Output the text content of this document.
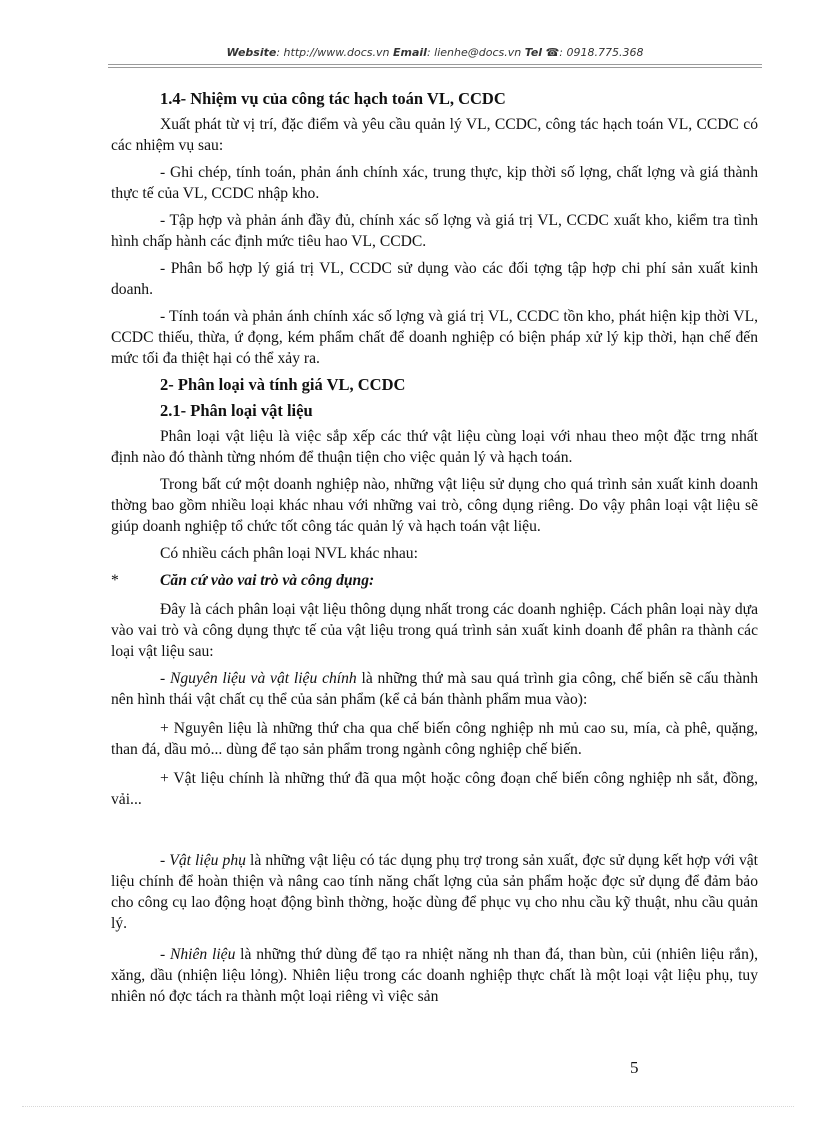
Website: http://www.docs.vn Email: lienhe@docs.vn Tel ☎: 0918.775.368

1.4- Nhiệm vụ của công tác hạch toán VL, CCDC

Xuất phát từ vị trí, đặc điểm và yêu cầu quản lý VL, CCDC, công tác hạch toán VL, CCDC có các nhiệm vụ sau:

- Ghi chép, tính toán, phản ánh chính xác, trung thực, kịp thời số lợng, chất lợng và giá thành thực tế của VL, CCDC nhập kho.

- Tập hợp và phản ánh đầy đủ, chính xác số lợng và giá trị VL, CCDC xuất kho, kiểm tra tình hình chấp hành các định mức tiêu hao VL, CCDC.

- Phân bổ hợp lý giá trị VL, CCDC sử dụng vào các đối tợng tập hợp chi phí sản xuất kinh doanh.

- Tính toán và phản ánh chính xác số lợng và giá trị VL, CCDC tồn kho, phát hiện kịp thời VL, CCDC thiếu, thừa, ứ đọng, kém phẩm chất để doanh nghiệp có biện pháp xử lý kịp thời, hạn chế đến mức tối đa thiệt hại có thể xảy ra.

2- Phân loại và tính giá VL, CCDC

2.1- Phân loại vật liệu

Phân loại vật liệu là việc sắp xếp các thứ vật liệu cùng loại với nhau theo một đặc trng nhất định nào đó thành từng nhóm để thuận tiện cho việc quản lý và hạch toán.

Trong bất cứ một doanh nghiệp nào, những vật liệu sử dụng cho quá trình sản xuất kinh doanh thờng bao gồm nhiều loại khác nhau với những vai trò, công dụng riêng. Do vậy phân loại vật liệu sẽ giúp doanh nghiệp tổ chức tốt công tác quản lý và hạch toán vật liệu.

Có nhiều cách phân loại NVL khác nhau:

*	Căn cứ vào vai trò và công dụng:

Đây là cách phân loại vật liệu thông dụng nhất trong các doanh nghiệp. Cách phân loại này dựa vào vai trò và công dụng thực tế của vật liệu trong quá trình sản xuất kinh doanh để phân ra thành các loại vật liệu sau:

- Nguyên liệu và vật liệu chính là những thứ mà sau quá trình gia công, chế biến sẽ cấu thành nên hình thái vật chất cụ thể của sản phẩm (kể cả bán thành phẩm mua vào):

+ Nguyên liệu là những thứ cha qua chế biến công nghiệp nh mủ cao su, mía, cà phê, quặng, than đá, dầu mỏ... dùng để tạo sản phẩm trong ngành công nghiệp chế biến.

+ Vật liệu chính là những thứ đã qua một hoặc công đoạn chế biến công nghiệp nh sắt, đồng, vải...

- Vật liệu phụ là những vật liệu có tác dụng phụ trợ trong sản xuất, đợc sử dụng kết hợp với vật liệu chính để hoàn thiện và nâng cao tính năng chất lợng của sản phẩm hoặc đợc sử dụng để đảm bảo cho công cụ lao động hoạt động bình thờng, hoặc dùng để phục vụ cho nhu cầu kỹ thuật, nhu cầu quản lý.

- Nhiên liệu là những thứ dùng để tạo ra nhiệt năng nh than đá, than bùn, củi (nhiên liệu rắn), xăng, dầu (nhiện liệu lỏng). Nhiên liệu trong các doanh nghiệp thực chất là một loại vật liệu phụ, tuy nhiên nó đợc tách ra thành một loại riêng vì việc sản

5
